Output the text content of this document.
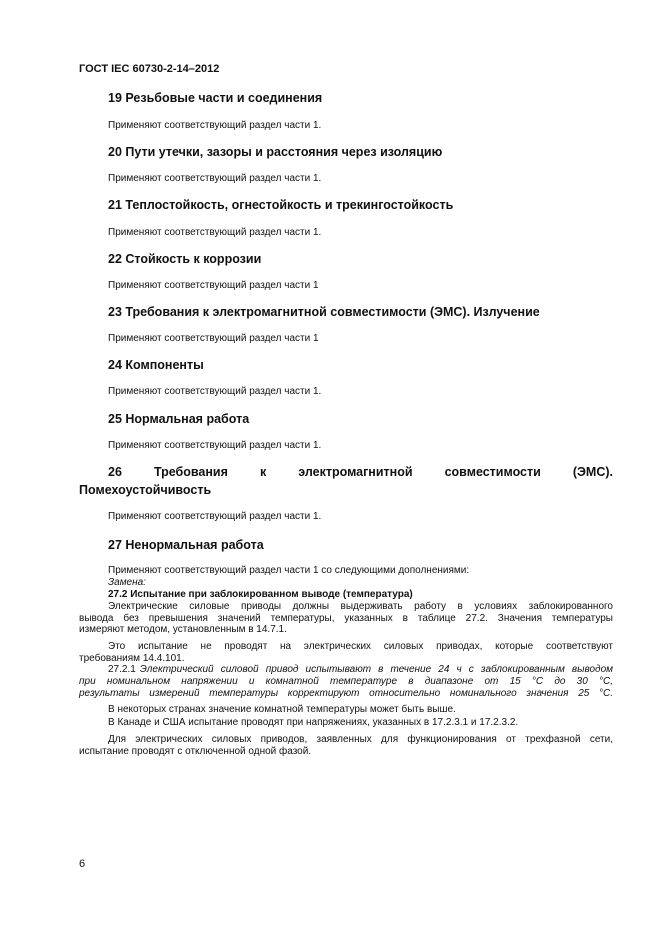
ГОСТ IEC 60730-2-14–2012
19 Резьбовые части и соединения
Применяют соответствующий раздел части 1.
20 Пути утечки, зазоры и расстояния через изоляцию
Применяют соответствующий раздел части 1.
21 Теплостойкость, огнестойкость и трекингостойкость
Применяют соответствующий раздел части 1.
22 Стойкость к коррозии
Применяют соответствующий раздел части 1
23 Требования к электромагнитной совместимости (ЭМС). Излучение
Применяют соответствующий раздел части 1
24 Компоненты
Применяют соответствующий раздел части 1.
25 Нормальная работа
Применяют соответствующий раздел части 1.
26	Требования	к	электромагнитной	совместимости	(ЭМС).
Помехоустойчивость
Применяют соответствующий раздел части 1.
27 Ненормальная работа
Применяют соответствующий раздел части 1 со следующими дополнениями:
Замена:
27.2 Испытание при заблокированном выводе (температура)
Электрические силовые приводы должны выдерживать работу в условиях заблокированного
вывода без превышения значений температуры, указанных в таблице 27.2. Значения температуры
измеряют методом, установленным в 14.7.1.
Это испытание не проводят на электрических силовых приводах, которые соответствуют
требованиям 14.4.101.
27.2.1 Электрический силовой привод испытывают в течение 24 ч с заблокированным выводом
при номинальном напряжении и комнатной температуре в диапазоне от 15 °C до 30 °C,
результаты измерений температуры корректируют относительно номинального значения 25 °C.
В некоторых странах значение комнатной температуры может быть выше.
В Канаде и США испытание проводят при напряжениях, указанных в 17.2.3.1 и 17.2.3.2.
Для электрических силовых приводов, заявленных для функционирования от трехфазной сети,
испытание проводят с отключенной одной фазой.
6
